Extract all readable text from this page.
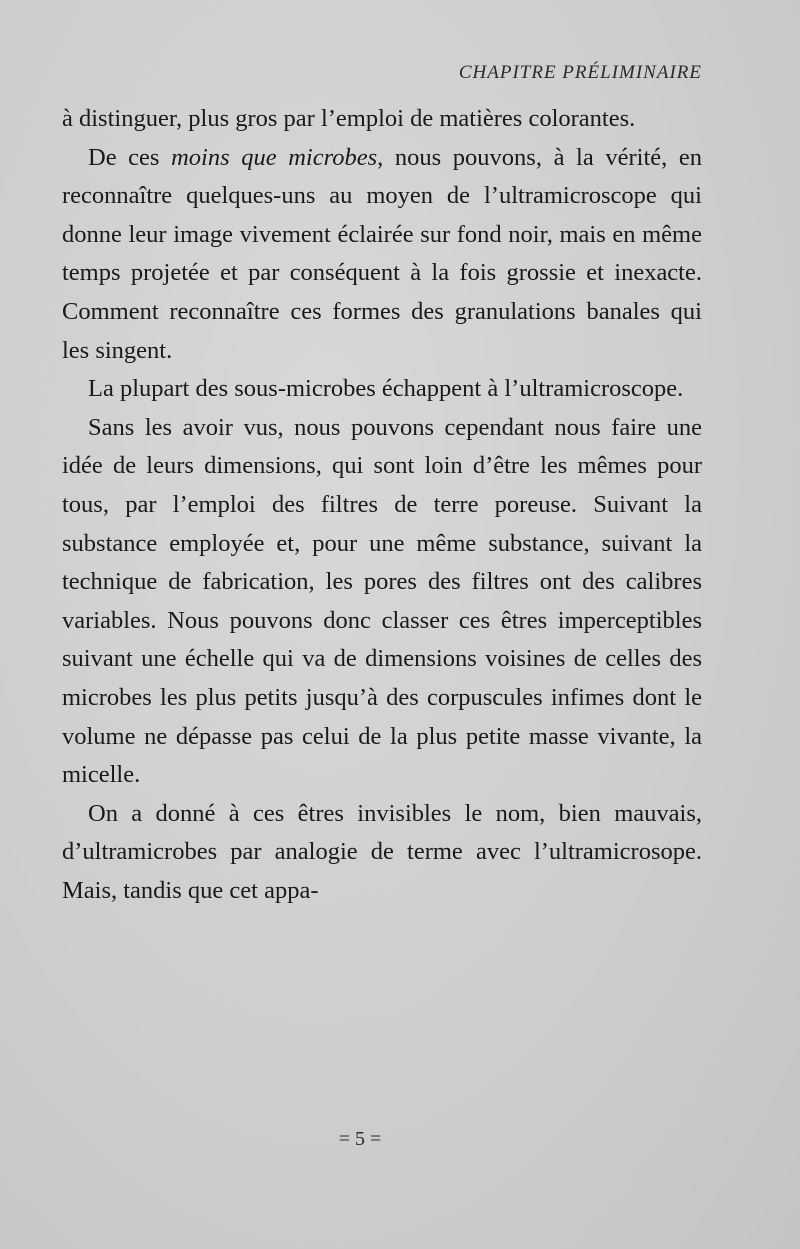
CHAPITRE PRÉLIMINAIRE

à distinguer, plus gros par l’emploi de matières colorantes.

De ces moins que microbes, nous pouvons, à la vérité, en reconnaître quelques-uns au moyen de l’ultramicroscope qui donne leur image vivement éclairée sur fond noir, mais en même temps projetée et par conséquent à la fois grossie et inexacte. Comment reconnaître ces formes des granulations banales qui les singent.

La plupart des sous-microbes échappent à l’ultramicroscope.

Sans les avoir vus, nous pouvons cependant nous faire une idée de leurs dimensions, qui sont loin d’être les mêmes pour tous, par l’emploi des filtres de terre poreuse. Suivant la substance employée et, pour une même substance, suivant la technique de fabrication, les pores des filtres ont des calibres variables. Nous pouvons donc classer ces êtres imperceptibles suivant une échelle qui va de dimensions voisines de celles des microbes les plus petits jusqu’à des corpuscules infimes dont le volume ne dépasse pas celui de la plus petite masse vivante, la micelle.

On a donné à ces êtres invisibles le nom, bien mauvais, d’ultramicrobes par analogie de terme avec l’ultramicrosope. Mais, tandis que cet appa-

= 5 =
